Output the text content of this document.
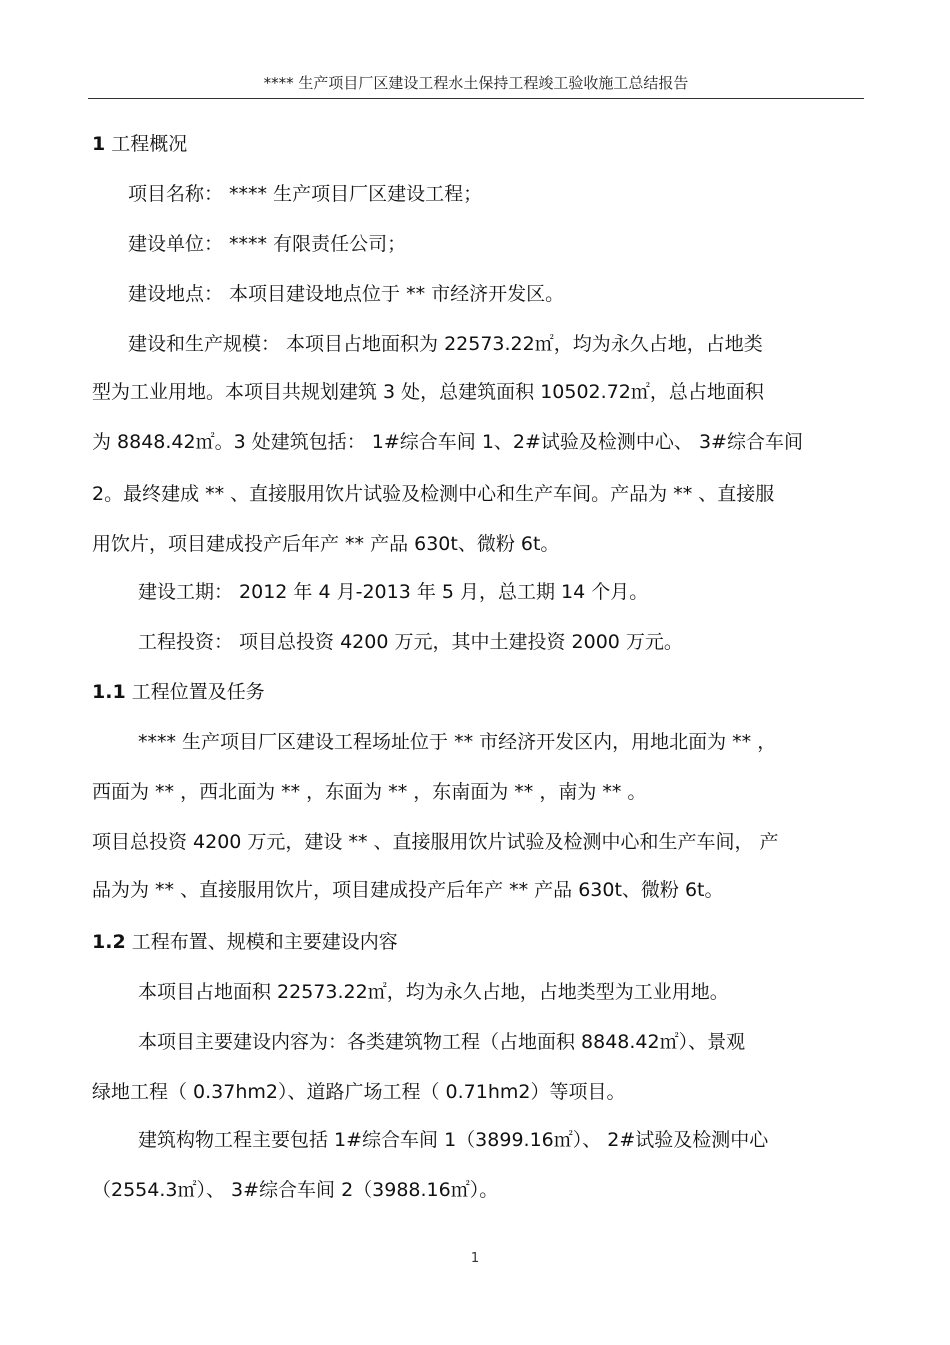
**** 生产项目厂区建设工程水土保持工程竣工验收施工总结报告
1 工程概况
项目名称： **** 生产项目厂区建设工程；
建设单位： **** 有限责任公司；
建设地点： 本项目建设地点位于 ** 市经济开发区。
建设和生产规模： 本项目占地面积为 22573.22㎡，均为永久占地，占地类
型为工业用地。本项目共规划建筑 3 处，总建筑面积 10502.72㎡，总占地面积
为 8848.42㎡。3 处建筑包括： 1#综合车间 1、2#试验及检测中心、 3#综合车间
2。最终建成 ** 、直接服用饮片试验及检测中心和生产车间。产品为 ** 、直接服
用饮片，项目建成投产后年产 ** 产品 630t、微粉 6t。
建设工期： 2012 年 4 月-2013 年 5 月，总工期 14 个月。
工程投资： 项目总投资 4200 万元，其中土建投资 2000 万元。
1.1 工程位置及任务
**** 生产项目厂区建设工程场址位于 ** 市经济开发区内，用地北面为 ** ，
西面为 ** ，西北面为 ** ，东面为 ** ，东南面为 ** ，南为 ** 。
项目总投资 4200 万元，建设 ** 、直接服用饮片试验及检测中心和生产车间， 产
品为为 ** 、直接服用饮片，项目建成投产后年产 ** 产品 630t、微粉 6t。
1.2 工程布置、规模和主要建设内容
本项目占地面积 22573.22㎡，均为永久占地，占地类型为工业用地。
本项目主要建设内容为：各类建筑物工程（占地面积 8848.42㎡）、景观
绿地工程（ 0.37hm2）、道路广场工程（ 0.71hm2）等项目。
建筑构物工程主要包括 1#综合车间 1（3899.16㎡）、 2#试验及检测中心
（2554.3㎡）、 3#综合车间 2（3988.16㎡）。
1
